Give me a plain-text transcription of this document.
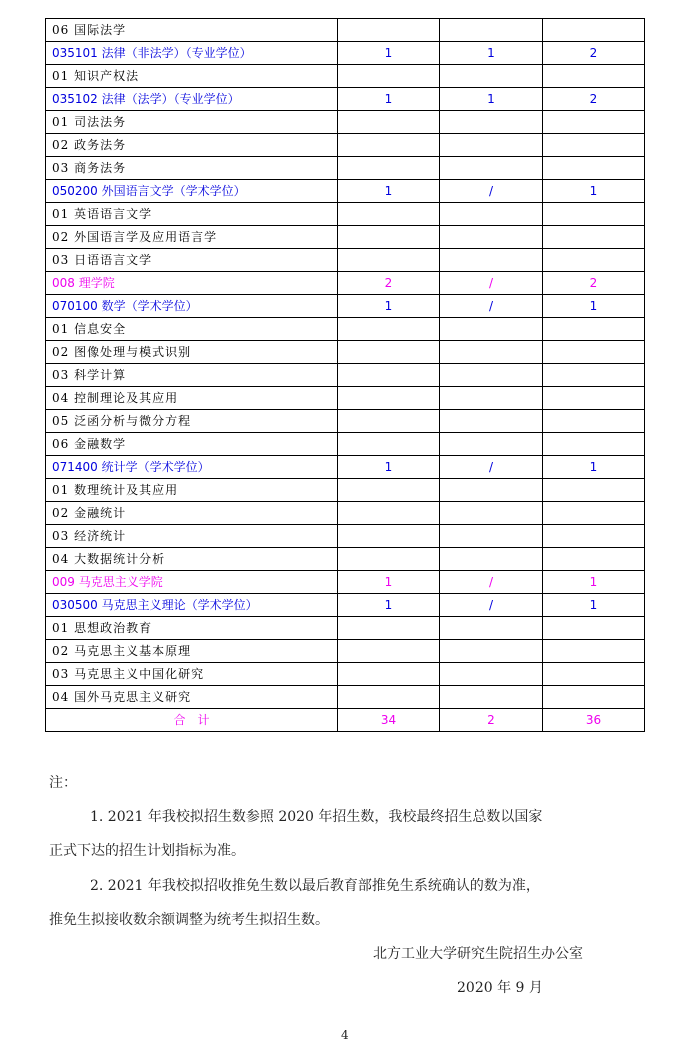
06 国际法学			
035101 法律（非法学）（专业学位）	1	1	2
01 知识产权法			
035102 法律（法学）（专业学位）	1	1	2
01 司法法务			
02 政务法务			
03 商务法务			
050200 外国语言文学（学术学位）	1	/	1
01 英语语言文学			
02 外国语言学及应用语言学			
03 日语语言文学			
008 理学院	2	/	2
070100 数学（学术学位）	1	/	1
01 信息安全			
02 图像处理与模式识别			
03 科学计算			
04 控制理论及其应用			
05 泛函分析与微分方程			
06 金融数学			
071400 统计学（学术学位）	1	/	1
01 数理统计及其应用			
02 金融统计			
03 经济统计			
04 大数据统计分析			
009 马克思主义学院	1	/	1
030500 马克思主义理论（学术学位）	1	/	1
01 思想政治教育			
02 马克思主义基本原理			
03 马克思主义中国化研究			
04 国外马克思主义研究			
合　计	34	2	36
注：
1. 2021 年我校拟招生数参照 2020 年招生数，我校最终招生总数以国家
正式下达的招生计划指标为准。
2. 2021 年我校拟招收推免生数以最后教育部推免生系统确认的数为准，
推免生拟接收数余额调整为统考生拟招生数。
北方工业大学研究生院招生办公室
2020 年 9 月
4
